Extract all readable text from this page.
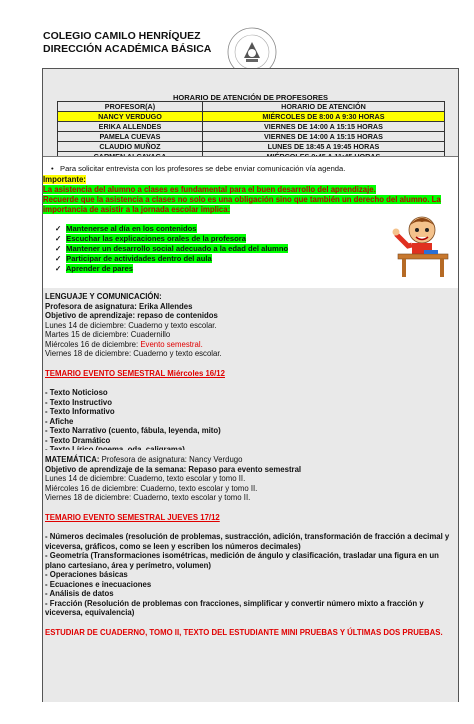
COLEGIO CAMILO HENRÍQUEZ
DIRECCIÓN ACADÉMICA BÁSICA
HORARIO DE ATENCIÓN DE PROFESORES
PROFESOR(A)	HORARIO DE ATENCIÓN
NANCY VERDUGO	MIÉRCOLES DE 8:00 A 9:30 HORAS
ERIKA ALLENDES	VIERNES DE 14:00 A 15:15 HORAS
PAMELA CUEVAS	VIERNES DE 14:00 A 15:15 HORAS
CLAUDIO MUÑOZ	LUNES DE 18:45 A 19:45 HORAS

•   Para solicitar entrevista con los profesores se debe enviar comunicación vía agenda.
Importante:
La asistencia del alumno a clases es fundamental para el buen desarrollo del aprendizaje.
Recuerde que la asistencia a clases no solo es una obligación sino que también un derecho del alumno. La
importancia de asistir a la jornada escolar implica:
✓ Mantenerse al día en los contenidos
✓ Escuchar las explicaciones orales de la profesora
✓ Mantener un desarrollo social adecuado a la edad del alumno
✓ Participar de actividades dentro del aula
✓ Aprender de pares
LENGUAJE Y COMUNICACIÓN:
Profesora de asignatura: Erika Allendes
Objetivo de aprendizaje: repaso de contenidos
Lunes 14 de diciembre: Cuaderno y texto escolar.
Martes 15 de diciembre: Cuadernillo
Miércoles 16 de diciembre: Evento semestral.
Viernes 18 de diciembre: Cuaderno y texto escolar.
TEMARIO EVENTO SEMESTRAL Miércoles 16/12
- Texto Noticioso
- Texto Instructivo
- Texto Informativo
- Afiche
- Texto Narrativo (cuento, fábula, leyenda, mito)
- Texto Dramático
MATEMÁTICA: Profesora de asignatura: Nancy Verdugo
Objetivo de aprendizaje de la semana: Repaso para evento semestral
Lunes 14 de diciembre: Cuaderno, texto escolar y tomo II.
Miércoles 16 de diciembre: Cuaderno, texto escolar y tomo II.
Viernes 18 de diciembre: Cuaderno, texto escolar y tomo II.
TEMARIO EVENTO SEMESTRAL JUEVES 17/12
- Números decimales (resolución de problemas, sustracción, adición, transformación de fracción a decimal y
viceversa, gráficos, como se leen y escriben los números decimales)
- Geometría (Transformaciones isométricas, medición de ángulo y clasificación, trasladar una figura en un
plano cartesiano, área y perímetro, volumen)
- Operaciones básicas
- Ecuaciones e inecuaciones
- Análisis de datos
- Fracción (Resolución de problemas con fracciones, simplificar y convertir número mixto a fracción y
viceversa, equivalencia)
ESTUDIAR DE CUADERNO, TOMO II, TEXTO DEL ESTUDIANTE MINI PRUEBAS Y ÚLTIMAS DOS PRUEBAS.
